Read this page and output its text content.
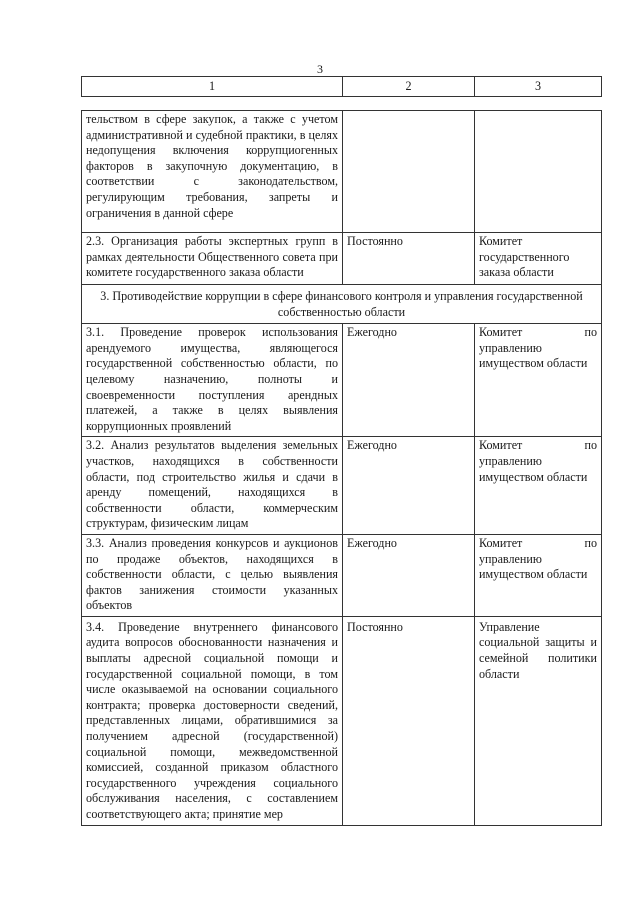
3
1	2	3
тельством в сфере закупок, а также с учетом административной и судебной практики, в целях недопущения включения коррупциогенных факторов в закупочную документацию, в соответствии с законодательством, регулирующим требования, запреты и ограничения в данной сфере		
2.3. Организация работы экспертных групп в рамках деятельности Общественного совета при комитете государственного заказа области	Постоянно	Комитет государственного заказа области
3. Противодействие коррупции в сфере финансового контроля и управления государственной собственностью области		
3.1. Проведение проверок использования арендуемого имущества, являющегося государственной собственностью области, по целевому назначению, полноты и своевременности поступления арендных платежей, а также в целях выявления коррупционных проявлений	Ежегодно	Комитет по управлению имуществом области
3.2. Анализ результатов выделения земельных участков, находящихся в собственности области, под строительство жилья и сдачи в аренду помещений, находящихся в собственности области, коммерческим структурам, физическим лицам	Ежегодно	Комитет по управлению имуществом области
3.3. Анализ проведения конкурсов и аукционов по продаже объектов, находящихся в собственности области, с целью выявления фактов занижения стоимости указанных объектов	Ежегодно	Комитет по управлению имуществом области
3.4. Проведение внутреннего финансового аудита вопросов обоснованности назначения и выплаты адресной социальной помощи и государственной социальной помощи, в том числе оказываемой на основании социального контракта; проверка достоверности сведений, представленных лицами, обратившимися за получением адресной (государственной) социальной помощи, межведомственной комиссией, созданной приказом областного государственного учреждения социального обслуживания населения, с составлением соответствующего акта; принятие мер	Постоянно	Управление социальной защиты и семейной политики области
